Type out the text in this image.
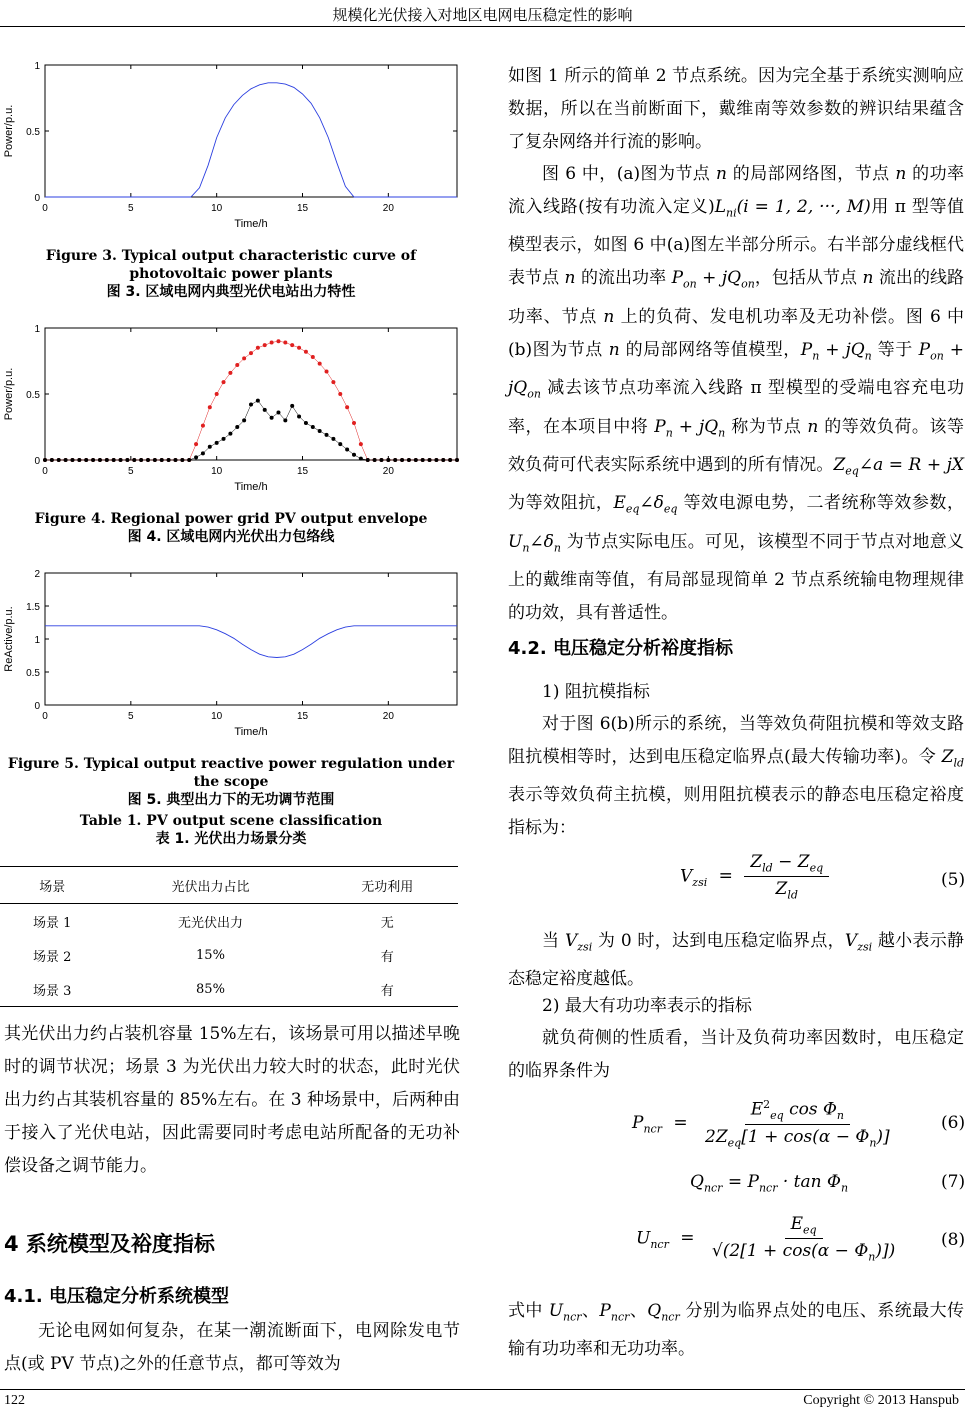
规模化光伏接入对地区电网电压稳定性的影响
122	Copyright © 2013 Hanspub
0	5	10	15	20
0
0.5
1
Time/h
Power/p.u.
0	5	10	15	20
0
0.5
1
Time/h
Power/p.u.
0	5	10	15	20
0
0.5
1
1.5
2
Time/h
ReActive/p.u.
Figure 3. Typical output characteristic curve of photovoltaic power plants
图 3. 区域电网内典型光伏电站出力特性
Figure 4. Regional power grid PV output envelope
图 4. 区域电网内光伏出力包络线
Figure 5. Typical output reactive power regulation under the scope
图 5. 典型出力下的无功调节范围
Table 1. PV output scene classification
表 1. 光伏出力场景分类
场景	光伏出力占比	无功利用
场景 1	无光伏出力	无
场景 2	15%	有
场景 3	85%	有
其光伏出力约占装机容量 15%左右，该场景可用以描述早晚时的调节状况；场景 3 为光伏出力较大时的状态，此时光伏出力约占其装机容量的 85%左右。在 3 种场景中，后两种由于接入了光伏电站，因此需要同时考虑电站所配备的无功补偿设备之调节能力。
4 系统模型及裕度指标
4.1. 电压稳定分析系统模型
无论电网如何复杂，在某一潮流断面下，电网除发电节点(或 PV 节点)之外的任意节点，都可等效为
如图 1 所示的简单 2 节点系统。因为完全基于系统实测响应数据，所以在当前断面下，戴维南等效参数的辨识结果蕴含了复杂网络并行流的影响。
图 6 中，(a)图为节点 n 的局部网络图，节点 n 的功率流入线路(按有功流入定义)$L_{ni}(i = 1$, 2, ···, M)用 π 型等值模型表示，如图 6 中(a)图左半部分所示。右半部分虚线框代表节点 n 的流出功率 $P_{on} + jQ_{on}$，包括从节点 n 流出的线路功率、节点 n 上的负荷、发电机功率及无功补偿。图 6 中(b)图为节点 n 的局部网络等值模型，$P_n + jQ_n$ 等于 $P_{on} + jQ_{on}$ 减去该节点功率流入线路 π 型模型的受端电容充电功率，在本项目中将 $P_n + jQ_n$ 称为节点 n 的等效负荷。该等效负荷可代表实际系统中遇到的所有情况。$Z_{eq}\angle a = R$ + jX 为等效阻抗，$E_{eq}\angle\delta_{eq}$ 等效电源电势，二者统称等效参数，$U_n\angle\delta_n$ 为节点实际电压。可见，该模型不同于节点对地意义上的戴维南等值，有局部显现简单 2 节点系统输电物理规律的功效，具有普适性。
4.2. 电压稳定分析裕度指标
1) 阻抗模指标
对于图 6(b)所示的系统，当等效负荷阻抗模和等效支路阻抗模相等时，达到电压稳定临界点(最大传输功率)。令 $Z_{ld}$ 表示等效负荷主抗模，则用阻抗模表示的静态电压稳定裕度指标为：
$V_{zsi} = \frac{Z_{ld} - Z_{eq}}{Z_{ld}}$	(5)
当 $V_{zsi}$ 为 0 时，达到电压稳定临界点，$V_{zsi}$ 越小表示静态稳定裕度越低。
2) 最大有功功率表示的指标
就负荷侧的性质看，当计及负荷功率因数时，电压稳定的临界条件为
$P_{ncr} = \frac{E^2_{eq} \cos \Phi_n}{2Z_{eq}[1 + \cos(\alpha - \Phi_n)]}$	(6)
$Q_{ncr} = P_{ncr} \cdot \tan \Phi_n$	(7)
$U_{ncr} = \frac{E_{eq}}{√(2[1 + \cos(\alpha - \Phi_n)])} (8)$
式中 $U_{ncr}$、$P_{ncr}$、$Q_{ncr}$ 分别为临界点处的电压、系统最大传输有功功率和无功功率。
